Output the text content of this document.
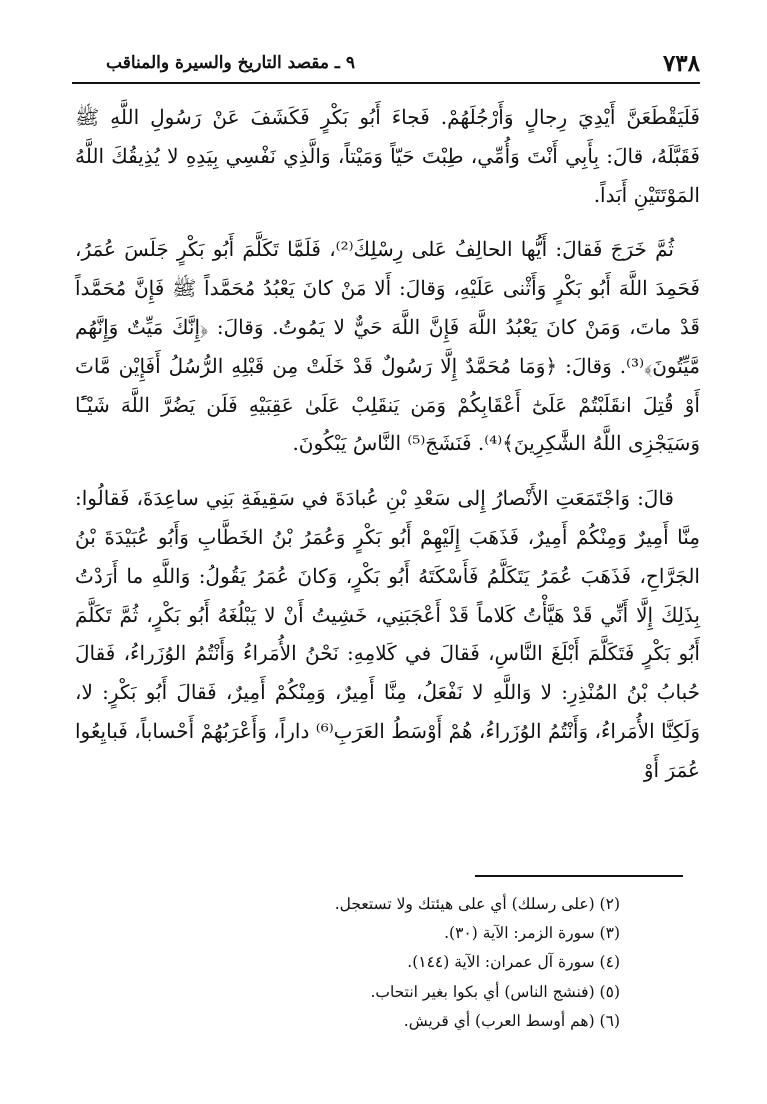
٧٣٨
٩ ـ مقصد التاريخ والسيرة والمناقب

فَلَيَقْطَعَنَّ أَيْدِيَ رِجالٍ وَأَرْجُلَهُمْ. فَجاءَ أَبُو بَكْرٍ فَكَشَفَ عَنْ رَسُولِ اللَّهِ ﷺ فَقَبَّلَهُ، قالَ: بِأَبِي أَنْتَ وَأُمِّي، طِبْتَ حَيّاً وَمَيْتاً، وَالَّذِي نَفْسِي بِيَدِهِ لا يُذِيقُكَ اللَّهُ المَوْتَتَيْنِ أَبَداً.

ثُمَّ خَرَجَ فَقالَ: أَيُّها الحالِفُ عَلى رِسْلِكَ⁽²⁾، فَلَمَّا تَكَلَّمَ أَبُو بَكْرٍ جَلَسَ عُمَرُ، فَحَمِدَ اللَّهَ أَبُو بَكْرٍ وَأَثْنى عَلَيْهِ، وَقالَ: أَلا مَنْ كانَ يَعْبُدُ مُحَمَّداً ﷺ فَإِنَّ مُحَمَّداً قَدْ ماتَ، وَمَنْ كانَ يَعْبُدُ اللَّهَ فَإِنَّ اللَّهَ حَيٌّ لا يَمُوتُ. وَقالَ: ﴿إِنَّكَ مَيِّتٌ وَإِنَّهُم مَّيِّتُونَ﴾⁽³⁾. وَقالَ: ﴿وَمَا مُحَمَّدٌ إِلَّا رَسُولٌ قَدْ خَلَتْ مِن قَبْلِهِ الرُّسُلُ أَفَإِيْن مَّاتَ أَوْ قُتِلَ انقَلَبْتُمْ عَلَىٰٓ أَعْقَابِكُمْ وَمَن يَنقَلِبْ عَلَىٰ عَقِبَيْهِ فَلَن يَضُرَّ اللَّهَ شَيْـًٔا وَسَيَجْزِى اللَّهُ الشَّٰكِرِينَ﴾⁽⁴⁾. فَنَشَجَ⁽⁵⁾ النَّاسُ يَبْكُونَ.

قالَ: وَاجْتَمَعَتِ الأَنْصارُ إِلى سَعْدِ بْنِ عُبادَةَ في سَقِيفَةِ بَنِي ساعِدَةَ، فَقالُوا: مِنَّا أَمِيرٌ وَمِنْكُمْ أَمِيرٌ، فَذَهَبَ إِلَيْهِمْ أَبُو بَكْرٍ وَعُمَرُ بْنُ الخَطَّابِ وَأَبُو عُبَيْدَةَ بْنُ الجَرَّاحِ، فَذَهَبَ عُمَرُ يَتَكَلَّمُ فَأَسْكَتَهُ أَبُو بَكْرٍ، وَكانَ عُمَرُ يَقُولُ: وَاللَّهِ ما أَرَدْتُ بِذَلِكَ إِلَّا أَنِّي قَدْ هَيَّأْتُ كَلاماً قَدْ أَعْجَبَنِي، خَشِيتُ أَنْ لا يَبْلُغَهُ أَبُو بَكْرٍ، ثُمَّ تَكَلَّمَ أَبُو بَكْرٍ فَتَكَلَّمَ أَبْلَغَ النَّاسِ، فَقالَ في كَلامِهِ: نَحْنُ الأُمَراءُ وَأَنْتُمُ الوُزَراءُ، فَقالَ حُبابُ بْنُ المُنْذِرِ: لا وَاللَّهِ لا نَفْعَلُ، مِنَّا أَمِيرٌ، وَمِنْكُمْ أَمِيرٌ، فَقالَ أَبُو بَكْرٍ: لا، وَلَكِنَّا الأُمَراءُ، وَأَنْتُمُ الوُزَراءُ، هُمْ أَوْسَطُ العَرَبِ⁽⁶⁾ داراً، وَأَعْرَبُهُمْ أَحْساباً، فَبايِعُوا عُمَرَ أَوْ

(٢) (على رسلك) أي على هيئتك ولا تستعجل.
(٣) سورة الزمر: الآية (٣٠).
(٤) سورة آل عمران: الآية (١٤٤).
(٥) (فنشج الناس) أي بكوا بغير انتحاب.
(٦) (هم أوسط العرب) أي قريش.
